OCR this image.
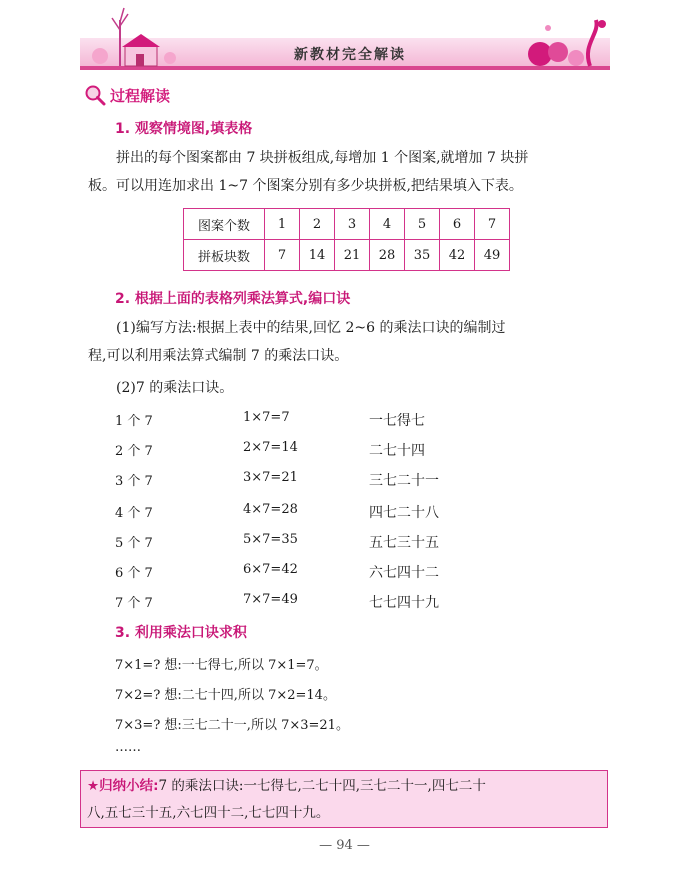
新教材完全解读
过程解读
1. 观察情境图,填表格
拼出的每个图案都由 7 块拼板组成,每增加 1 个图案,就增加 7 块拼
板。可以用连加求出 1~7 个图案分别有多少块拼板,把结果填入下表。
图案个数	1	2	3	4	5	6	7
拼板块数	7	14	21	28	35	42	49
2. 根据上面的表格列乘法算式,编口诀
(1)编写方法:根据上表中的结果,回忆 2~6 的乘法口诀的编制过
程,可以利用乘法算式编制 7 的乘法口诀。
(2)7 的乘法口诀。
1 个 7	1×7=7	一七得七
2 个 7	2×7=14	二七十四
3 个 7	3×7=21	三七二十一
4 个 7	4×7=28	四七二十八
5 个 7	5×7=35	五七三十五
6 个 7	6×7=42	六七四十二
7 个 7	7×7=49	七七四十九
3. 利用乘法口诀求积
7×1=? 想:一七得七,所以 7×1=7。
7×2=? 想:二七十四,所以 7×2=14。
7×3=? 想:三七二十一,所以 7×3=21。
……
★归纳小结:7 的乘法口诀:一七得七,二七十四,三七二十一,四七二十
八,五七三十五,六七四十二,七七四十九。
— 94 —
